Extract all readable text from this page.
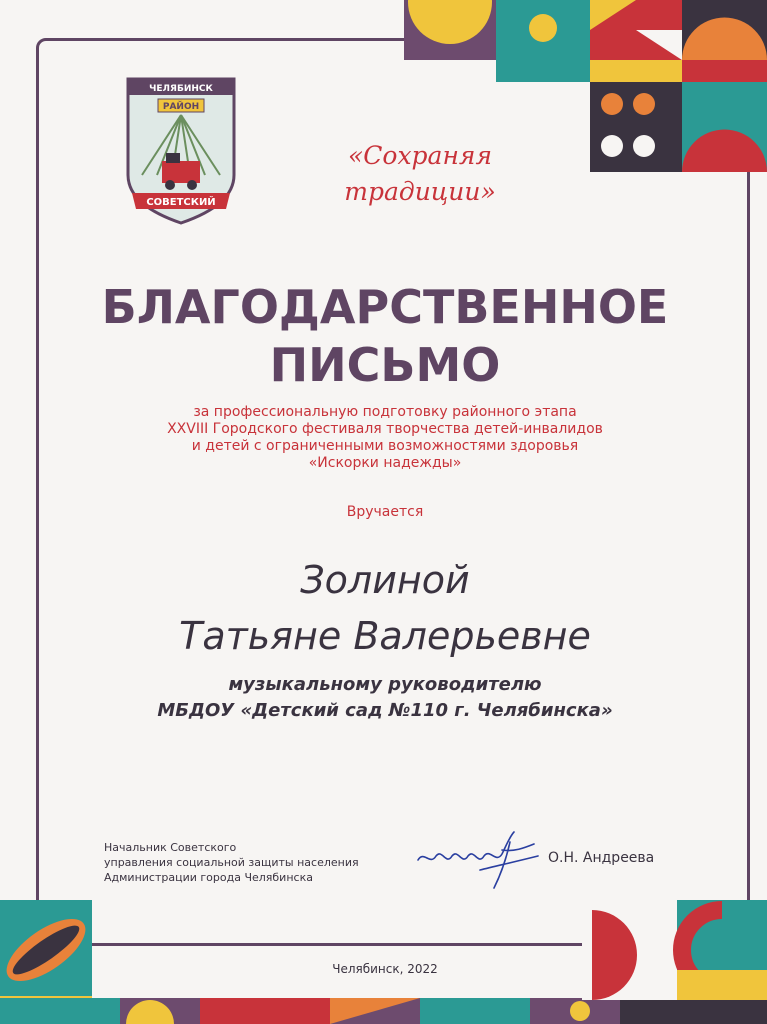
ЧЕЛЯБИНСК
РАЙОН
СОВЕТСКИЙ
«Сохраняя
традиции»
БЛАГОДАРСТВЕННОЕ
ПИСЬМО
за профессиональную подготовку районного этапа
XXVIII Городского фестиваля творчества детей-инвалидов
и детей с ограниченными возможностями здоровья
«Искорки надежды»
Вручается
Золиной
Татьяне Валерьевне
музыкальному руководителю
МБДОУ «Детский сад №110 г. Челябинска»
Начальник Советского
управления социальной защиты населения
Администрации города Челябинска
О.Н. Андреева
Челябинск, 2022
